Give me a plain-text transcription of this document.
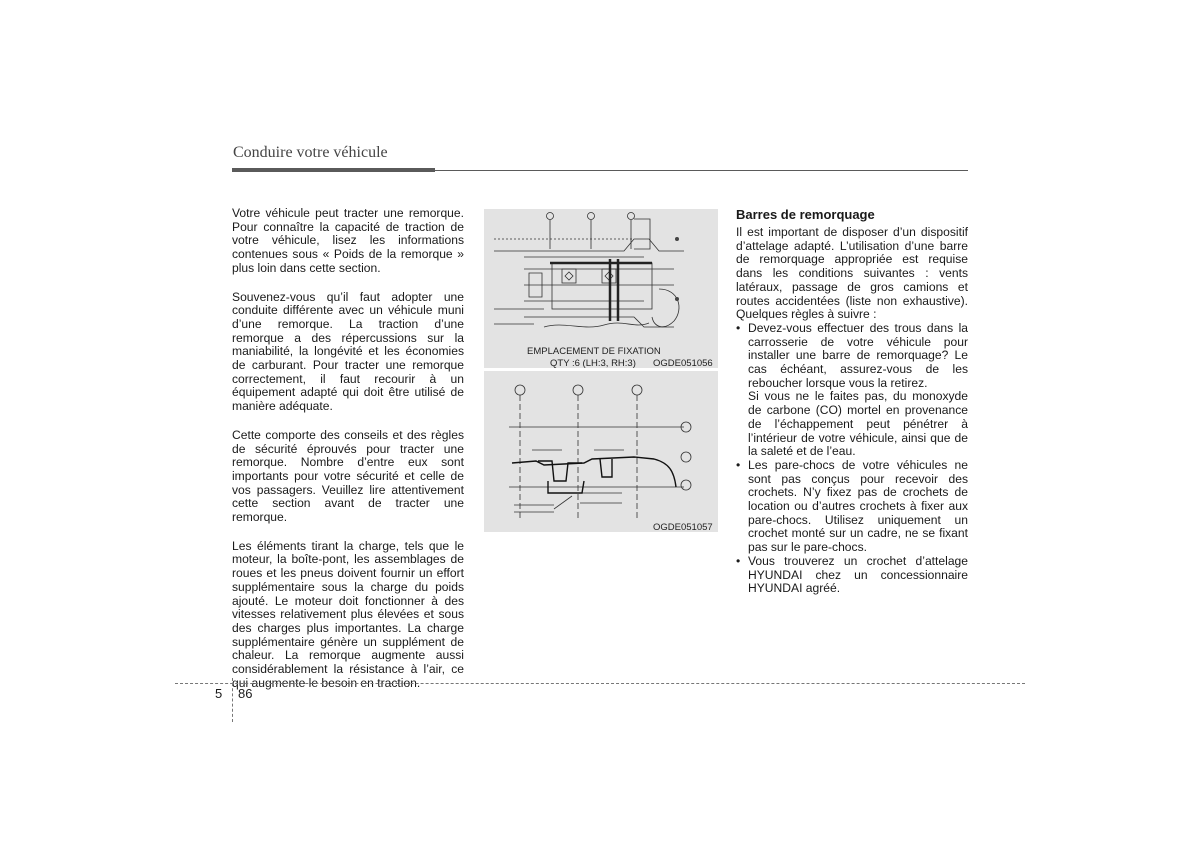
Conduire votre véhicule

Votre véhicule peut tracter une remorque. Pour connaître la capacité de traction de votre véhicule, lisez les informations contenues sous « Poids de la remorque » plus loin dans cette section.

Souvenez-vous qu’il faut adopter une conduite différente avec un véhicule muni d’une remorque. La traction d’une remorque a des répercussions sur la maniabilité, la longévité et les économies de carburant. Pour tracter une remorque correctement, il faut recourir à un équipement adapté qui doit être utilisé de manière adéquate.

Cette comporte des conseils et des règles de sécurité éprouvés pour tracter une remorque. Nombre d’entre eux sont importants pour votre sécurité et celle de vos passagers. Veuillez lire attentivement cette section avant de tracter une remorque.

Les éléments tirant la charge, tels que le moteur, la boîte-pont, les assemblages de roues et les pneus doivent fournir un effort supplémentaire sous la charge du poids ajouté. Le moteur doit fonctionner à des vitesses relativement plus élevées et sous des charges plus importantes. La charge supplémentaire génère un supplément de chaleur. La remorque augmente aussi considérablement la résistance à l’air, ce qui augmente le besoin en traction.

EMPLACEMENT DE FIXATION
QTY :6 (LH:3, RH:3) OGDE051056
OGDE051057
Barres de remorquage

Il est important de disposer d’un dispositif d’attelage adapté. L’utilisation d’une barre de remorquage appropriée est requise dans les conditions suivantes : vents latéraux, passage de gros camions et routes accidentées (liste non exhaustive). Quelques règles à suivre :

• Devez-vous effectuer des trous dans la carrosserie de votre véhicule pour installer une barre de remorquage? Le cas échéant, assurez-vous de les reboucher lorsque vous la retirez.

Si vous ne le faites pas, du monoxyde de carbone (CO) mortel en provenance de l’échappement peut pénétrer à l’intérieur de votre véhicule, ainsi que de la saleté et de l’eau.

• Les pare-chocs de votre véhicules ne sont pas conçus pour recevoir des crochets. N’y fixez pas de crochets de location ou d’autres crochets à fixer aux pare-chocs. Utilisez uniquement un crochet monté sur un cadre, ne se fixant pas sur le pare-chocs.

• Vous trouverez un crochet d’attelage HYUNDAI chez un concessionnaire HYUNDAI agréé.

5 86
